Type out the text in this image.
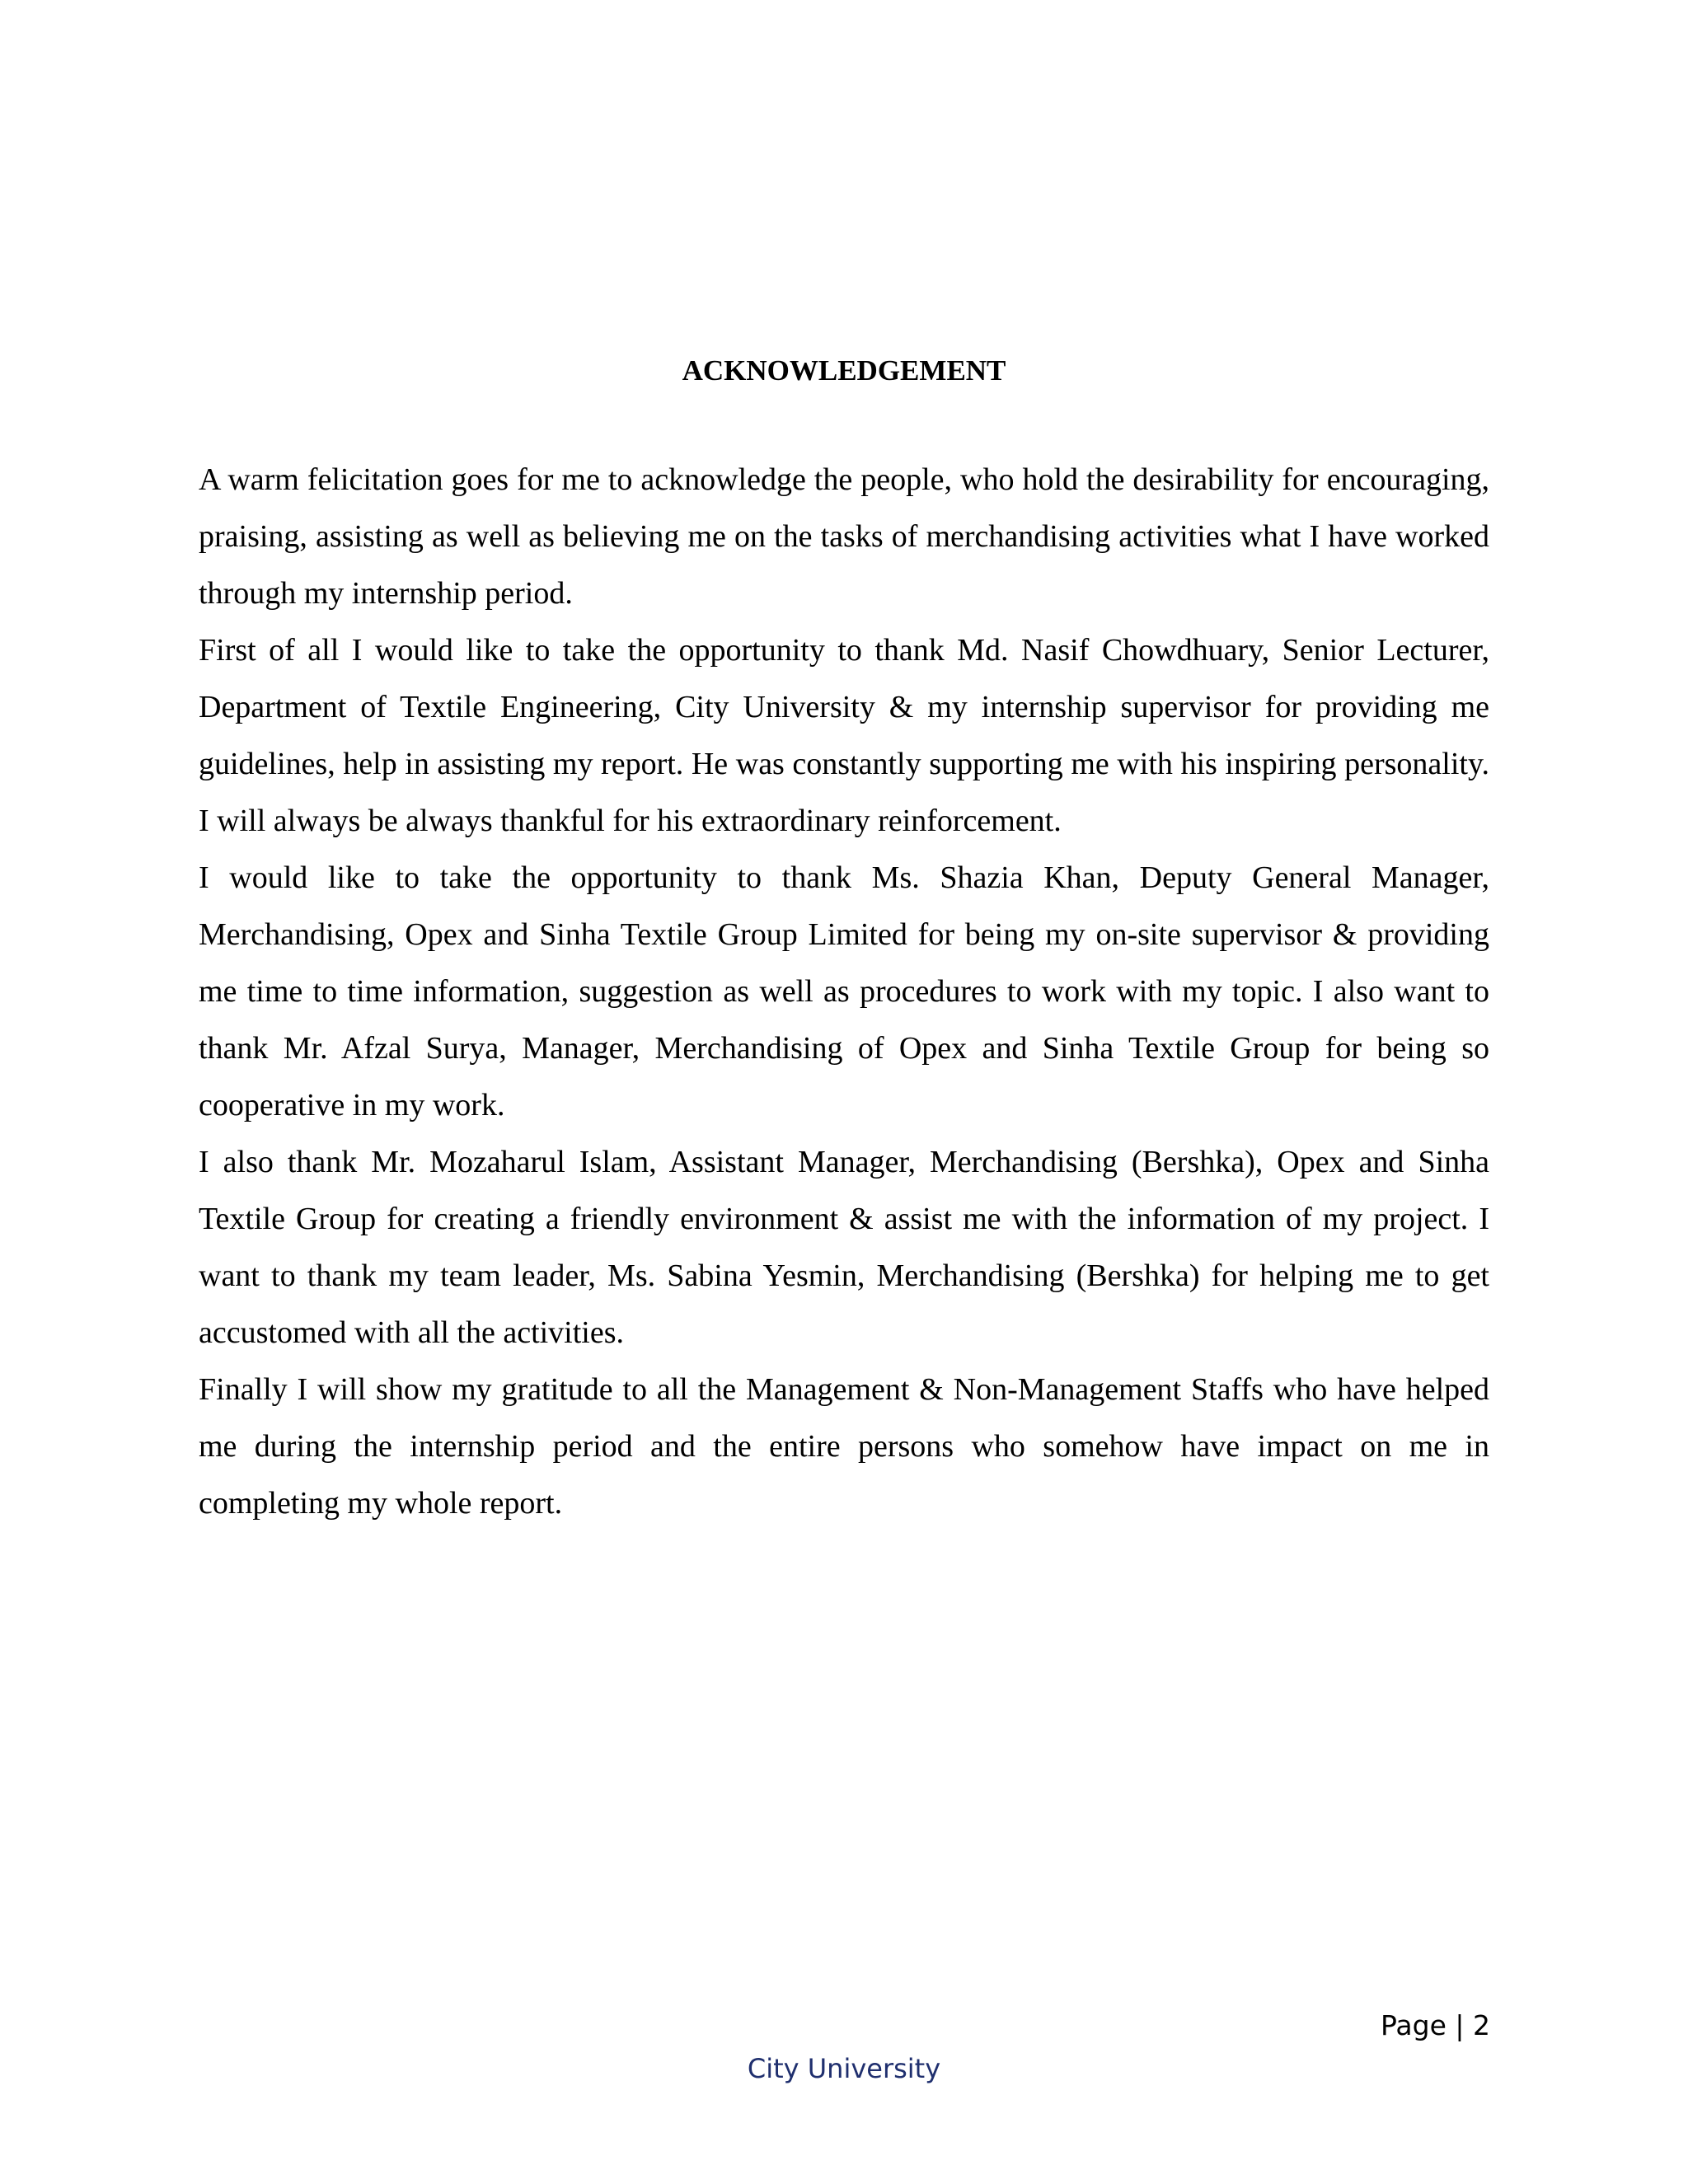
ACKNOWLEDGEMENT

A warm felicitation goes for me to acknowledge the people, who hold the desirability for encouraging, praising, assisting as well as believing me on the tasks of merchandising activities what I have worked through my internship period.

First of all I would like to take the opportunity to thank Md. Nasif Chowdhuary, Senior Lecturer, Department of Textile Engineering, City University & my internship supervisor for providing me guidelines, help in assisting my report. He was constantly supporting me with his inspiring personality. I will always be always thankful for his extraordinary reinforcement.

I would like to take the opportunity to thank Ms. Shazia Khan, Deputy General Manager, Merchandising, Opex and Sinha Textile Group Limited for being my on-site supervisor & providing me time to time information, suggestion as well as procedures to work with my topic. I also want to thank Mr. Afzal Surya, Manager, Merchandising of Opex and Sinha Textile Group for being so cooperative in my work.

I also thank Mr. Mozaharul Islam, Assistant Manager, Merchandising (Bershka), Opex and Sinha Textile Group for creating a friendly environment & assist me with the information of my project. I want to thank my team leader, Ms. Sabina Yesmin, Merchandising (Bershka) for helping me to get accustomed with all the activities.

Finally I will show my gratitude to all the Management & Non-Management Staffs who have helped me during the internship period and the entire persons who somehow have impact on me in completing my whole report.

Page | 2
City University
